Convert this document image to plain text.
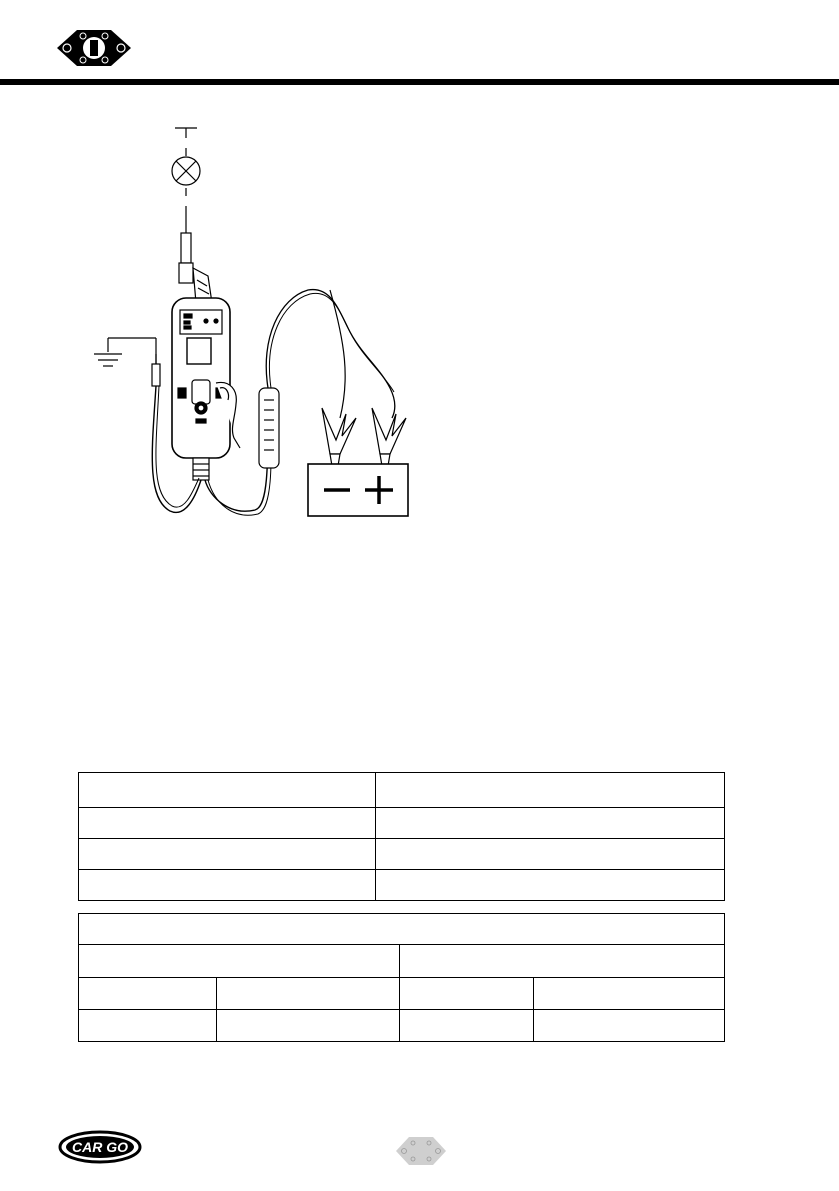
CAR GO
